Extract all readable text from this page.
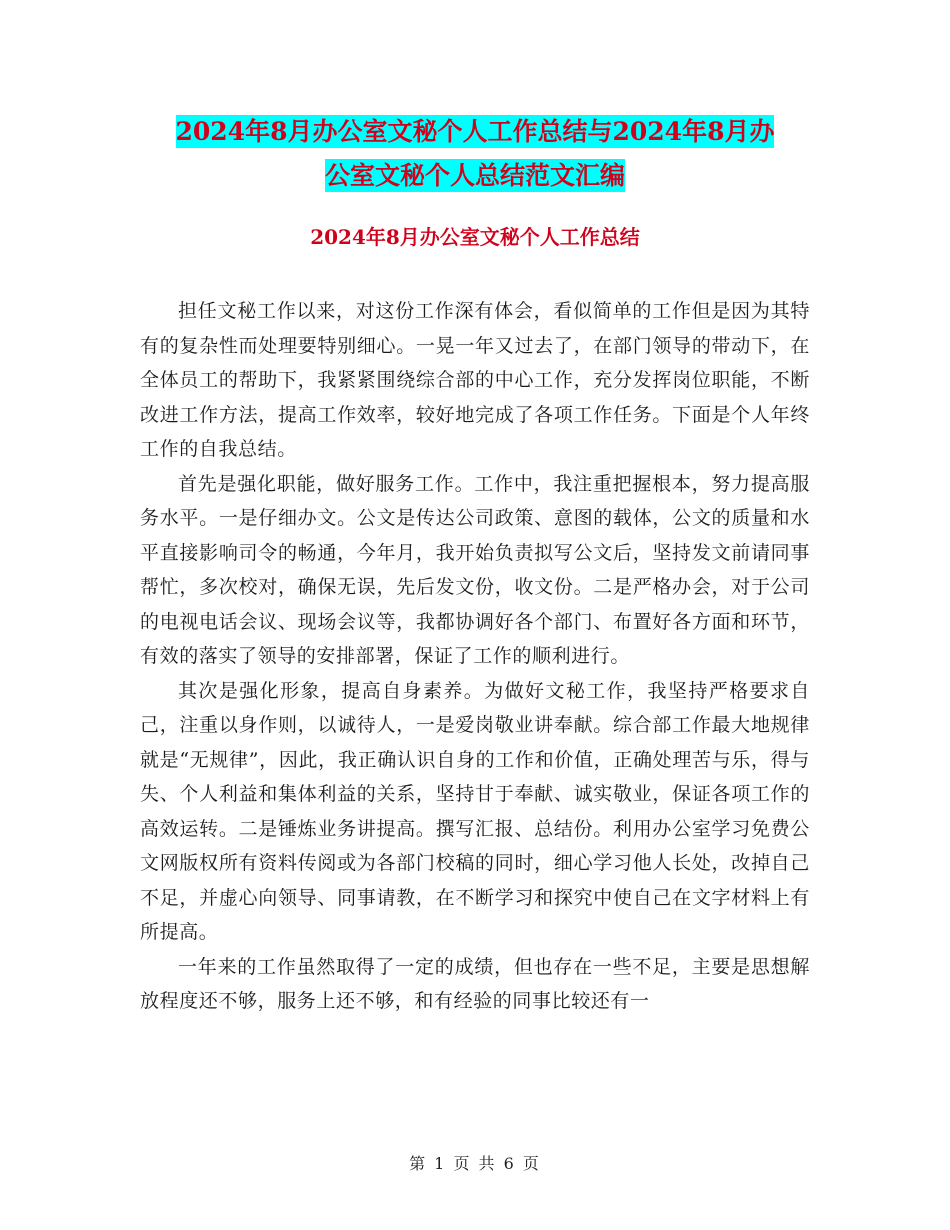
2024年8月办公室文秘个人工作总结与2024年8月办
公室文秘个人总结范文汇编
2024年8月办公室文秘个人工作总结

担任文秘工作以来，对这份工作深有体会，看似简单的工作但是因为其特有的复杂性而处理要特别细心。一晃一年又过去了，在部门领导的带动下，在全体员工的帮助下，我紧紧围绕综合部的中心工作，充分发挥岗位职能，不断改进工作方法，提高工作效率，较好地完成了各项工作任务。下面是个人年终工作的自我总结。

首先是强化职能，做好服务工作。工作中，我注重把握根本，努力提高服务水平。一是仔细办文。公文是传达公司政策、意图的载体，公文的质量和水平直接影响司令的畅通，今年月，我开始负责拟写公文后，坚持发文前请同事帮忙，多次校对，确保无误，先后发文份，收文份。二是严格办会，对于公司的电视电话会议、现场会议等，我都协调好各个部门、布置好各方面和环节，有效的落实了领导的安排部署，保证了工作的顺利进行。

其次是强化形象，提高自身素养。为做好文秘工作，我坚持严格要求自己，注重以身作则，以诚待人，一是爱岗敬业讲奉献。综合部工作最大地规律就是“无规律”，因此，我正确认识自身的工作和价值，正确处理苦与乐，得与失、个人利益和集体利益的关系，坚持甘于奉献、诚实敬业，保证各项工作的高效运转。二是锤炼业务讲提高。撰写汇报、总结份。利用办公室学习免费公文网版权所有资料传阅或为各部门校稿的同时，细心学习他人长处，改掉自己不足，并虚心向领导、同事请教，在不断学习和探究中使自己在文字材料上有所提高。

一年来的工作虽然取得了一定的成绩，但也存在一些不足，主要是思想解放程度还不够，服务上还不够，和有经验的同事比较还有一

第 1 页 共 6 页
